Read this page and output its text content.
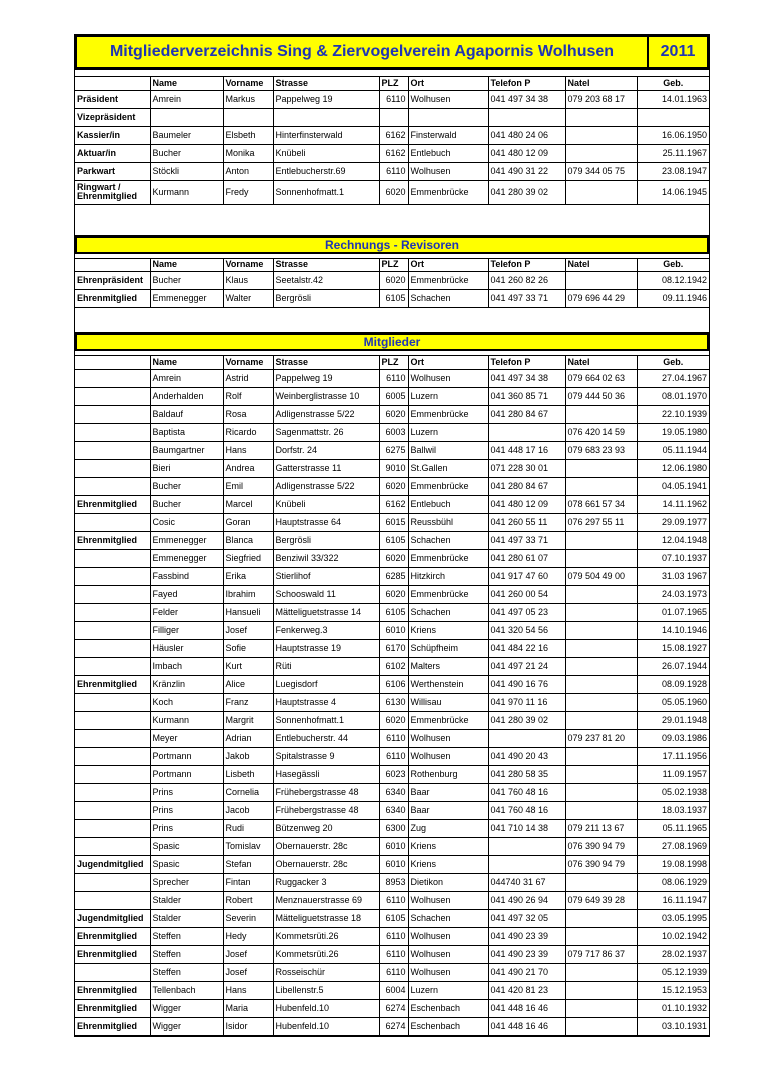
Mitgliederverzeichnis Sing & Ziervogelverein Agapornis Wolhusen	2011
	Name	Vorname	Strasse	PLZ	Ort	Telefon P	Natel	Geb.
Präsident	Amrein	Markus	Pappelweg 19	6110	Wolhusen	041 497 34 38	079 203 68 17	14.01.1963
Vizepräsident								
Kassier/in	Baumeler	Elsbeth	Hinterfinsterwald	6162	Finsterwald	041 480 24 06		16.06.1950
Aktuar/in	Bucher	Monika	Knübeli	6162	Entlebuch	041 480 12 09		25.11.1967
Parkwart	Stöckli	Anton	Entlebucherstr.69	6110	Wolhusen	041 490 31 22	079 344 05 75	23.08.1947
Ringwart / Ehrenmitglied	Kurmann	Fredy	Sonnenhofmatt.1	6020	Emmenbrücke	041 280 39 02		14.06.1945
Rechnungs - Revisoren
	Name	Vorname	Strasse	PLZ	Ort	Telefon P	Natel	Geb.
Ehrenpräsident	Bucher	Klaus	Seetalstr.42	6020	Emmenbrücke	041 260 82 26		08.12.1942
Ehrenmitglied	Emmenegger	Walter	Bergrösli	6105	Schachen	041 497 33 71	079 696 44 29	09.11.1946
Mitglieder
	Name	Vorname	Strasse	PLZ	Ort	Telefon P	Natel	Geb.
	Amrein	Astrid	Pappelweg 19	6110	Wolhusen	041 497 34 38	079 664 02 63	27.04.1967
	Anderhalden	Rolf	Weinberglistrasse 10	6005	Luzern	041 360 85 71	079 444 50 36	08.01.1970
	Baldauf	Rosa	Adligenstrasse 5/22	6020	Emmenbrücke	041 280 84 67		22.10.1939
	Baptista	Ricardo	Sagenmattstr. 26	6003	Luzern		076 420 14 59	19.05.1980
	Baumgartner	Hans	Dorfstr. 24	6275	Ballwil	041 448 17 16	079 683 23 93	05.11.1944
	Bieri	Andrea	Gatterstrasse 11	9010	St.Gallen	071 228 30 01		12.06.1980
	Bucher	Emil	Adligenstrasse 5/22	6020	Emmenbrücke	041 280 84 67		04.05.1941
Ehrenmitglied	Bucher	Marcel	Knübeli	6162	Entlebuch	041 480 12 09	078 661 57 34	14.11.1962
	Cosic	Goran	Hauptstrasse 64	6015	Reussbühl	041 260 55 11	076 297 55 11	29.09.1977
Ehrenmitglied	Emmenegger	Blanca	Bergrösli	6105	Schachen	041 497 33 71		12.04.1948
	Emmenegger	Siegfried	Benziwil 33/322	6020	Emmenbrücke	041 280 61 07		07.10.1937
	Fassbind	Erika	Stierlihof	6285	Hitzkirch	041 917 47 60	079 504 49 00	31.03 1967
	Fayed	Ibrahim	Schooswald 11	6020	Emmenbrücke	041 260 00 54		24.03.1973
	Felder	Hansueli	Mätteliguetstrasse 14	6105	Schachen	041 497 05 23		01.07.1965
	Filliger	Josef	Fenkerweg.3	6010	Kriens	041 320 54 56		14.10.1946
	Häusler	Sofie	Hauptstrasse 19	6170	Schüpfheim	041 484 22 16		15.08.1927
	Imbach	Kurt	Rüti	6102	Malters	041 497 21 24		26.07.1944
Ehrenmitglied	Kränzlin	Alice	Luegisdorf	6106	Werthenstein	041 490 16 76		08.09.1928
	Koch	Franz	Hauptstrasse 4	6130	Willisau	041 970 11 16		05.05.1960
	Kurmann	Margrit	Sonnenhofmatt.1	6020	Emmenbrücke	041 280 39 02		29.01.1948
	Meyer	Adrian	Entlebucherstr. 44	6110	Wolhusen		079 237 81 20	09.03.1986
	Portmann	Jakob	Spitalstrasse 9	6110	Wolhusen	041 490 20 43		17.11.1956
	Portmann	Lisbeth	Hasegässli	6023	Rothenburg	041 280 58 35		11.09.1957
	Prins	Cornelia	Frühebergstrasse 48	6340	Baar	041 760 48 16		05.02.1938
	Prins	Jacob	Frühebergstrasse 48	6340	Baar	041 760 48 16		18.03.1937
	Prins	Rudi	Bützenweg 20	6300	Zug	041 710 14 38	079 211 13 67	05.11.1965
	Spasic	Tomislav	Obernauerstr. 28c	6010	Kriens		076 390 94 79	27.08.1969
Jugendmitglied	Spasic	Stefan	Obernauerstr. 28c	6010	Kriens		076 390 94 79	19.08.1998
	Sprecher	Fintan	Ruggacker 3	8953	Dietikon	044740 31 67		08.06.1929
	Stalder	Robert	Menznauerstrasse 69	6110	Wolhusen	041 490 26 94	079 649 39 28	16.11.1947
Jugendmitglied	Stalder	Severin	Mätteliguetstrasse 18	6105	Schachen	041 497 32 05		03.05.1995
Ehrenmitglied	Steffen	Hedy	Kommetsrüti.26	6110	Wolhusen	041 490 23 39		10.02.1942
Ehrenmitglied	Steffen	Josef	Kommetsrüti.26	6110	Wolhusen	041 490 23 39	079 717 86 37	28.02.1937
	Steffen	Josef	Rosseischür	6110	Wolhusen	041 490 21 70		05.12.1939
Ehrenmitglied	Tellenbach	Hans	Libellenstr.5	6004	Luzern	041 420 81 23		15.12.1953
Ehrenmitglied	Wigger	Maria	Hubenfeld.10	6274	Eschenbach	041 448 16 46		01.10.1932
Ehrenmitglied	Wigger	Isidor	Hubenfeld.10	6274	Eschenbach	041 448 16 46		03.10.1931
